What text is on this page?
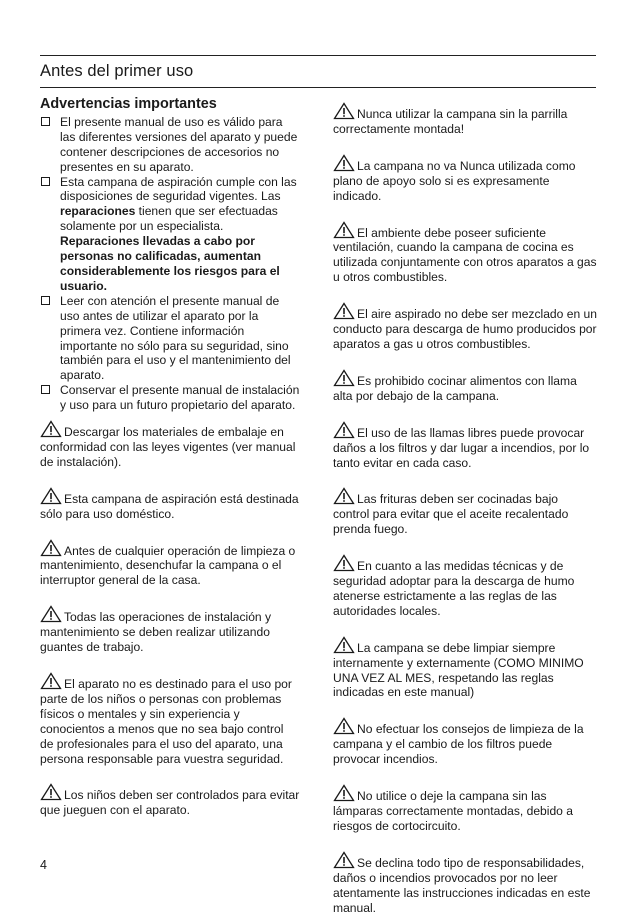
Antes del primer uso
Advertencias importantes
El presente manual de uso es válido para las diferentes versiones del aparato y puede contener descripciones de accesorios no presentes en su aparato.
Esta campana de aspiración cumple con las disposiciones de seguridad vigentes. Las reparaciones tienen que ser efectuadas solamente por un especialista. Reparaciones llevadas a cabo por personas no calificadas, aumentan considerablemente los riesgos para el usuario.
Leer con atención el presente manual de uso antes de utilizar el aparato por la primera vez. Contiene información importante no sólo para su seguridad, sino también para el uso y el mantenimiento del aparato.
Conservar el presente manual de instalación y uso para un futuro propietario del aparato.

Descargar los materiales de embalaje en conformidad con las leyes vigentes (ver manual de instalación).

Esta campana de aspiración está destinada sólo para uso doméstico.

Antes de cualquier operación de limpieza o mantenimiento, desenchufar la campana o el interruptor general de la casa.

Todas las operaciones de instalación y mantenimiento se deben realizar utilizando guantes de trabajo.

El aparato no es destinado para el uso por parte de los niños o personas con problemas físicos o mentales y sin experiencia y conocientos a menos que no sea bajo control de profesionales para el uso del aparato, una persona responsable para vuestra seguridad.

Los niños deben ser controlados para evitar que jueguen con el aparato.

Nunca utilizar la campana sin la parrilla correctamente montada!

La campana no va Nunca utilizada como plano de apoyo solo si es expresamente indicado.

El ambiente debe poseer suficiente ventilación, cuando la campana de cocina es utilizada conjuntamente con otros aparatos a gas u otros combustibles.

El aire aspirado no debe ser mezclado en un conducto para descarga de humo producidos por aparatos a gas u otros combustibles.

Es prohibido cocinar alimentos con llama alta por debajo de la campana.

El uso de las llamas libres puede provocar daños a los filtros y dar lugar a incendios, por lo tanto evitar en cada caso.

Las frituras deben ser cocinadas bajo control para evitar que el aceite recalentado prenda fuego.

En cuanto a las medidas técnicas y de seguridad adoptar para la descarga de humo atenerse estrictamente a las reglas de las autoridades locales.

La campana se debe limpiar siempre internamente y externamente (COMO MINIMO UNA VEZ AL MES, respetando las reglas indicadas en este manual)

No efectuar los consejos de limpieza de la campana y el cambio de los filtros puede provocar incendios.

No utilice o deje la campana sin las lámparas correctamente montadas, debido a riesgos de cortocircuito.

Se declina todo tipo de responsabilidades, daños o incendios provocados por no leer atentamente las instrucciones indicadas en este manual.

4
